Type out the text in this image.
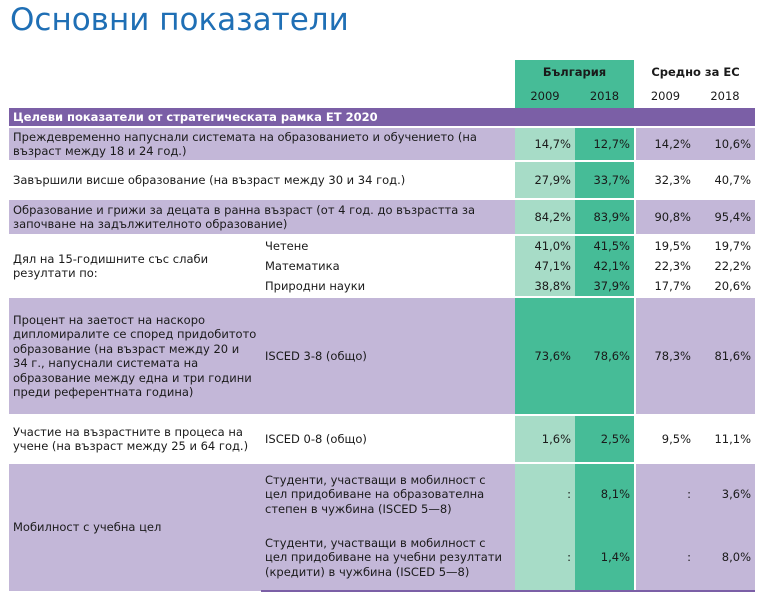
Основни показатели
		България		Средно за ЕС	
		2009	2018	2009	2018
Целеви показатели от стратегическата рамка ЕТ 2020					
Преждевременно напуснали системата на образованието и обучението (на възраст между 18 и 24 год.)		14,7%	12,7%	14,2%	10,6%
Завършили висше образование (на възраст между 30 и 34 год.)		27,9%	33,7%	32,3%	40,7%
Образование и грижи за децата в ранна възраст (от 4 год. до възрастта за започване на задължителното образование)		84,2%	83,9%	90,8%	95,4%
Дял на 15-годишните със слаби резултати по:	Четене	41,0%	41,5%	19,5%	19,7%
	Математика	47,1%	42,1%	22,3%	22,2%
	Природни науки	38,8%	37,9%	17,7%	20,6%
Процент на заетост на наскоро дипломиралите се според придобитото образование (на възраст между 20 и 34 г., напуснали системата на образование между една и три години преди референтната година)	ISCED 3-8 (общо)	73,6%	78,6%	78,3%	81,6%
Участие на възрастните в процеса на учене (на възраст между 25 и 64 год.)	ISCED 0-8 (общо)	1,6%	2,5%	9,5%	11,1%
Мобилност с учебна цел	Студенти, участващи в мобилност с цел придобиване на образователна степен в чужбина (ISCED 5—8)	:	8,1%	:	3,6%
	Студенти, участващи в мобилност с цел придобиване на учебни резултати (кредити) в чужбина (ISCED 5—8)	:	1,4%	:	8,0%
